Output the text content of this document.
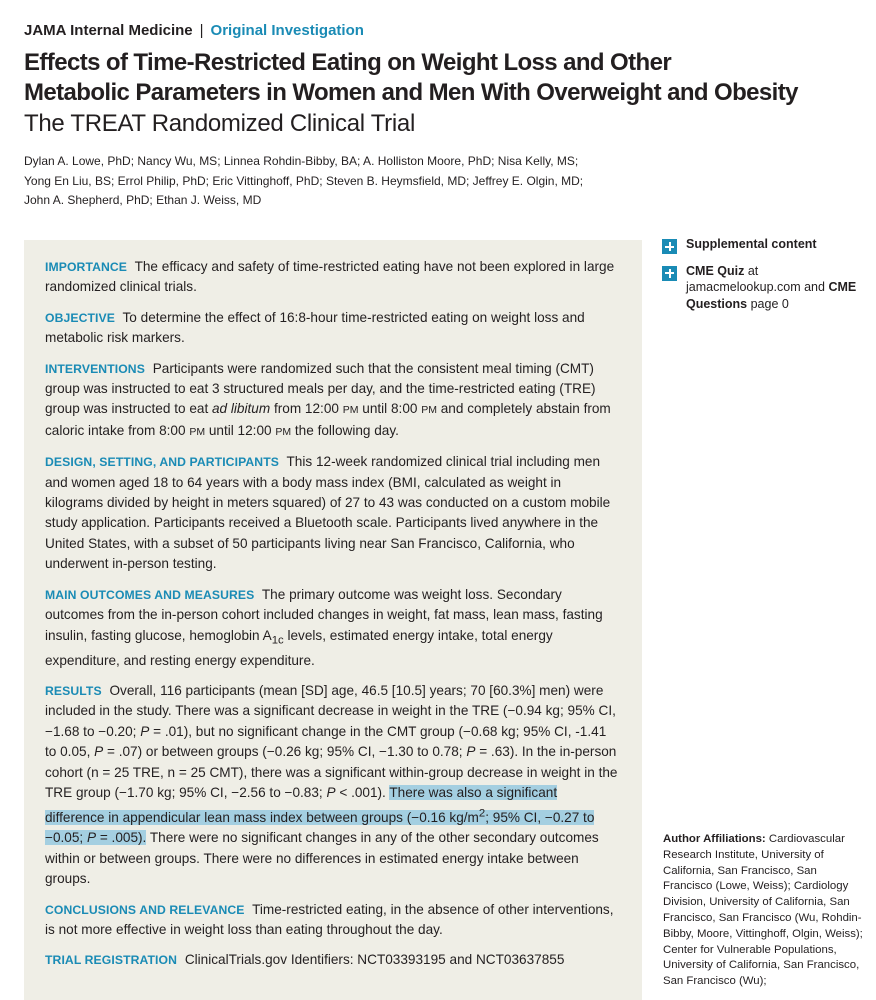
JAMA Internal Medicine | Original Investigation
Effects of Time-Restricted Eating on Weight Loss and Other
Metabolic Parameters in Women and Men With Overweight and Obesity
The TREAT Randomized Clinical Trial
Dylan A. Lowe, PhD; Nancy Wu, MS; Linnea Rohdin-Bibby, BA; A. Holliston Moore, PhD; Nisa Kelly, MS;
Yong En Liu, BS; Errol Philip, PhD; Eric Vittinghoff, PhD; Steven B. Heymsfield, MD; Jeffrey E. Olgin, MD;
John A. Shepherd, PhD; Ethan J. Weiss, MD

IMPORTANCE The efficacy and safety of time-restricted eating have not been explored in large randomized clinical trials.

OBJECTIVE To determine the effect of 16:8-hour time-restricted eating on weight loss and metabolic risk markers.

INTERVENTIONS Participants were randomized such that the consistent meal timing (CMT) group was instructed to eat 3 structured meals per day, and the time-restricted eating (TRE) group was instructed to eat ad libitum from 12:00 PM until 8:00 PM and completely abstain from caloric intake from 8:00 PM until 12:00 PM the following day.

DESIGN, SETTING, AND PARTICIPANTS This 12-week randomized clinical trial including men and women aged 18 to 64 years with a body mass index (BMI, calculated as weight in kilograms divided by height in meters squared) of 27 to 43 was conducted on a custom mobile study application. Participants received a Bluetooth scale. Participants lived anywhere in the United States, with a subset of 50 participants living near San Francisco, California, who underwent in-person testing.

MAIN OUTCOMES AND MEASURES The primary outcome was weight loss. Secondary outcomes from the in-person cohort included changes in weight, fat mass, lean mass, fasting insulin, fasting glucose, hemoglobin $A_{1c}$ levels, estimated energy intake, total energy expenditure, and resting energy expenditure.

RESULTS Overall, 116 participants (mean [SD] age, 46.5 [10.5] years; 70 [60.3%] men) were included in the study. There was a significant decrease in weight in the TRE (−0.94 kg; 95% CI, −1.68 to −0.20; P = .01), but no significant change in the CMT group (−0.68 kg; 95% CI, -1.41 to 0.05, P = .07) or between groups (−0.26 kg; 95% CI, −1.30 to 0.78; P = .63). In the in-person cohort (n = 25 TRE, n = 25 CMT), there was a significant within-group decrease in weight in the TRE group (−1.70 kg; 95% CI, −2.56 to −0.83; P < .001). There was also a significant difference in appendicular lean mass index between groups (−0.16 $kg/m^2$; 95% CI, −0.27 to −0.05; P = .005). There were no significant changes in any of the other secondary outcomes within or between groups. There were no differences in estimated energy intake between groups.

CONCLUSIONS AND RELEVANCE Time-restricted eating, in the absence of other interventions, is not more effective in weight loss than eating throughout the day.

TRIAL REGISTRATION ClinicalTrials.gov Identifiers: NCT03393195 and NCT03637855

Supplemental content
CME Quiz at jamacmelookup.com and CME Questions page 0
Author Affiliations: Cardiovascular Research Institute, University of California, San Francisco, San Francisco (Lowe, Weiss); Cardiology Division, University of California, San Francisco, San Francisco (Wu, Rohdin-Bibby, Moore, Vittinghoff, Olgin, Weiss); Center for Vulnerable Populations, University of California, San Francisco, San Francisco (Wu);
